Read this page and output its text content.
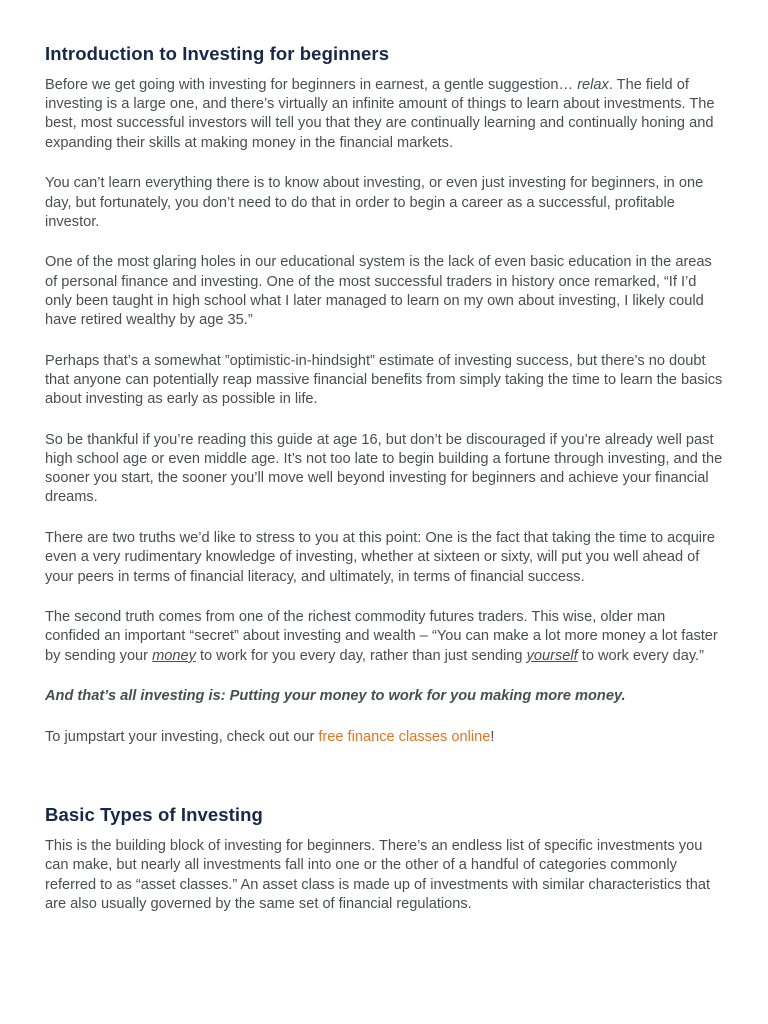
Introduction to Investing for beginners

Before we get going with investing for beginners in earnest, a gentle suggestion… relax. The field of investing is a large one, and there’s virtually an infinite amount of things to learn about investments. The best, most successful investors will tell you that they are continually learning and continually honing and expanding their skills at making money in the financial markets.

You can’t learn everything there is to know about investing, or even just investing for beginners, in one day, but fortunately, you don’t need to do that in order to begin a career as a successful, profitable investor.

One of the most glaring holes in our educational system is the lack of even basic education in the areas of personal finance and investing. One of the most successful traders in history once remarked, “If I’d only been taught in high school what I later managed to learn on my own about investing, I likely could have retired wealthy by age 35.”

Perhaps that’s a somewhat ”optimistic-in-hindsight” estimate of investing success, but there’s no doubt that anyone can potentially reap massive financial benefits from simply taking the time to learn the basics about investing as early as possible in life.

So be thankful if you’re reading this guide at age 16, but don’t be discouraged if you’re already well past high school age or even middle age. It’s not too late to begin building a fortune through investing, and the sooner you start, the sooner you’ll move well beyond investing for beginners and achieve your financial dreams.

There are two truths we’d like to stress to you at this point: One is the fact that taking the time to acquire even a very rudimentary knowledge of investing, whether at sixteen or sixty, will put you well ahead of your peers in terms of financial literacy, and ultimately, in terms of financial success.

The second truth comes from one of the richest commodity futures traders. This wise, older man confided an important “secret” about investing and wealth – “You can make a lot more money a lot faster by sending your money to work for you every day, rather than just sending yourself to work every day.”

And that’s all investing is: Putting your money to work for you making more money.

To jumpstart your investing, check out our free finance classes online!

Basic Types of Investing

This is the building block of investing for beginners. There’s an endless list of specific investments you can make, but nearly all investments fall into one or the other of a handful of categories commonly referred to as “asset classes.” An asset class is made up of investments with similar characteristics that are also usually governed by the same set of financial regulations.
